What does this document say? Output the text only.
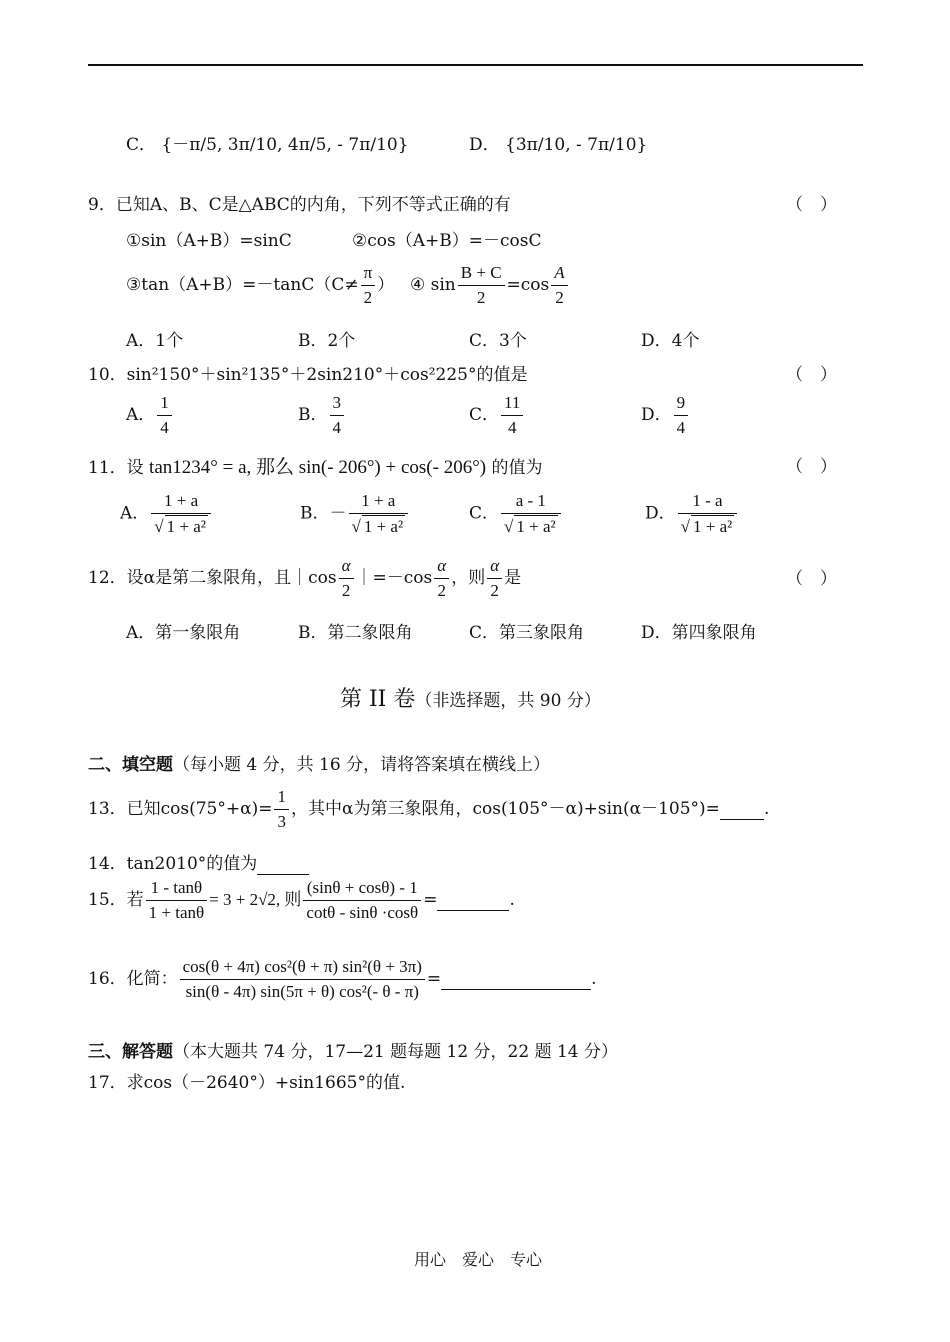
C． {－π/5, 3π/10, 4π/5, - 7π/10}	D． {3π/10, - 7π/10}
9．已知A、B、C是△ABC的内角，下列不等式正确的有	（　）
①sin（A+B）=sinC	②cos（A+B）=－cosC
③tan（A+B）=－tanC（C≠ $\frac{\pi}{2}$ ） ④ $\sin \frac{B + C}{2} =\cos \frac{A}{2}$
A．1个	B．2个	C．3个	D．4个
10．sin²150°＋sin²135°＋2sin210°＋cos²225°的值是	（　）
A． $\frac{1}{4}$	B． $\frac{3}{4}$	C． $\frac{11}{4}$	D． $\frac{9}{4}$
11．设 tan1234° = a, 那么 sin(- 206°) + cos(- 206°) 的值为	（　）
A． $\frac{1 + a}{\text{√ 1 + a²}}$	B．－ $\frac{1 + a}{\text{√ 1 + a²}}$	C． $\frac{a - 1}{\text{√ 1 + a²}}$	D． $\frac{1 - a}{\text{√ 1 + a²}}$
12．设α是第二象限角，且｜cos $\frac{\alpha}{2}$ ｜=－cos $\frac{\alpha}{2}$ ，则 $\frac{\alpha}{2}$ 是	（　）
A．第一象限角	B．第二象限角	C．第三象限角	D．第四象限角
第 II 卷（非选择题，共 90 分）
二、填空题（每小题 4 分，共 16 分，请将答案填在横线上）
13．已知$\cos(75^\circ+\alpha)= \frac{1}{3}$ ，其中α为第三象限角，cos(105°－α)+sin(α－105°)=	.
14．tan2010°的值为
15．若 $\frac{1 - \tan\theta}{1 + \tan\theta} = 3 + 2√2$, 则 $\frac{(\sin\theta + \cos\theta) - 1}{\cot\theta - \sin\theta \cdot\cos\theta}$ =	.
16．化简： $\frac{\text{cos(θ + 4π) cos²(θ + π) sin²(θ + 3π)}}{\text{sin(θ - 4π) sin(5π + θ) cos²(- θ - π)}}$ =	.
三、解答题（本大题共 74 分，17—21 题每题 12 分，22 题 14 分）
17．求cos（－2640°）+sin1665°的值.
用心　爱心　专心
